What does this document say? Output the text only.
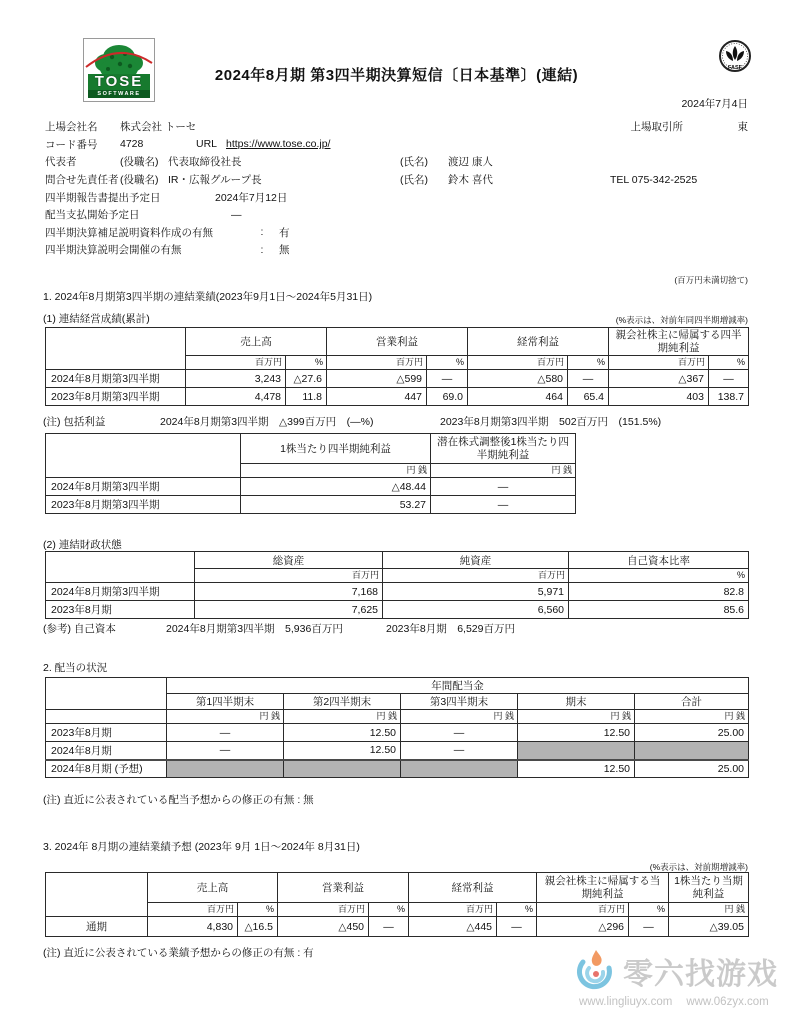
TOSE
SOFTWARE
2024年8月期 第3四半期決算短信〔日本基準〕(連結)	FASF
2024年7月4日
上場会社名	株式会社 トーセ	上場取引所	東
コード番号	4728	URL https://www.tose.co.jp/
代表者	(役職名) 代表取締役社長	(氏名)	渡辺 康人
問合せ先責任者 (役職名) IR・広報グループ長	(氏名)	鈴木 喜代	TEL 075-342-2525
四半期報告書提出予定日	2024年7月12日
配当支払開始予定日	—
四半期決算補足説明資料作成の有無	:	有
四半期決算説明会開催の有無	:	無
(百万円未満切捨て)
1. 2024年8月期第3四半期の連結業績(2023年9月1日～2024年5月31日)
(1) 連結経営成績(累計)	(%表示は、対前年同四半期増減率)
	売上高		営業利益		経常利益		親会社株主に帰属する四半期純利益	
	百万円	%	百万円	%	百万円	%	百万円	%
2024年8月期第3四半期	3,243	△27.6	△599	—	△580	—	△367	—
2023年8月期第3四半期	4,478	11.8	447	69.0	464	65.4	403	138.7
(注) 包括利益	2024年8月期第3四半期　△399百万円　(—%)	2023年8月期第3四半期　502百万円　(151.5%)
	1株当たり四半期純利益	潜在株式調整後1株当たり四半期純利益
	円 銭	円 銭
2024年8月期第3四半期	△48.44	—
2023年8月期第3四半期	53.27	—
(2) 連結財政状態
	総資産	純資産	自己資本比率
	百万円	百万円	%
2024年8月期第3四半期	7,168	5,971	82.8
2023年8月期	7,625	6,560	85.6
(参考) 自己資本	2024年8月期第3四半期　5,936百万円	2023年8月期　6,529百万円
2. 配当の状況
	年間配当金				
	第1四半期末	第2四半期末	第3四半期末	期末	合計
	円 銭	円 銭	円 銭	円 銭	円 銭
2023年8月期	—	12.50	—	12.50	25.00
2024年8月期	—	12.50	—		
2024年8月期 (予想)				12.50	25.00
(注) 直近に公表されている配当予想からの修正の有無 : 無
3. 2024年 8月期の連結業績予想 (2023年 9月 1日～2024年 8月31日)
(%表示は、対前期増減率)
	売上高		営業利益		経常利益		親会社株主に帰属する当期純利益		1株当たり当期純利益
	百万円	%	百万円	%	百万円	%	百万円	%	円 銭
通期	4,830	△16.5	△450	—	△445	—	△296	—	△39.05
(注) 直近に公表されている業績予想からの修正の有無 : 有
零六找游戏
www.lingliuyx.com www.06zyx.com
